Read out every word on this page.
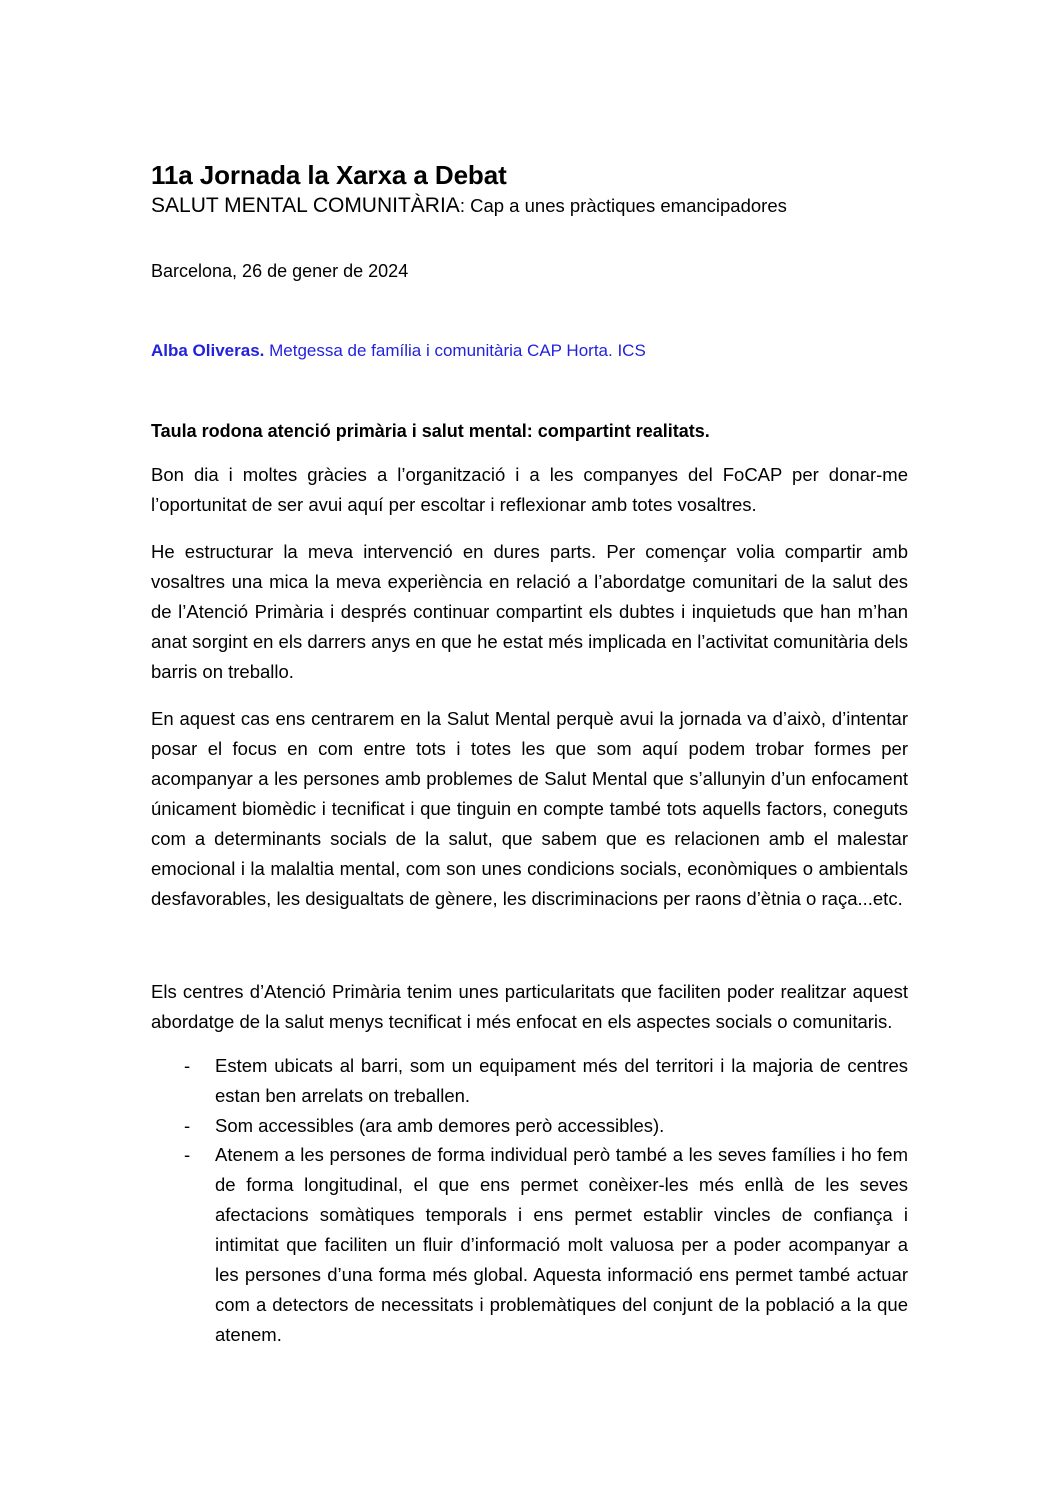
11a Jornada la Xarxa a Debat
SALUT MENTAL COMUNITÀRIA: Cap a unes pràctiques emancipadores
Barcelona, 26 de gener de 2024
Alba Oliveras. Metgessa de família i comunitària CAP Horta. ICS
Taula rodona atenció primària i salut mental: compartint realitats.

Bon dia i moltes gràcies a l’organització i a les companyes del FoCAP per donar-me l’oportunitat de ser avui aquí per escoltar i reflexionar amb totes vosaltres.

He estructurar la meva intervenció en dures parts. Per començar volia compartir amb vosaltres una mica la meva experiència en relació a l’abordatge comunitari de la salut des de l’Atenció Primària i després continuar compartint els dubtes i inquietuds que han m’han anat sorgint en els darrers anys en que he estat més implicada en l’activitat comunitària dels barris on treballo.

En aquest cas ens centrarem en la Salut Mental perquè avui la jornada va d’això, d’intentar posar el focus en com entre tots i totes les que som aquí podem trobar formes per acompanyar a les persones amb problemes de Salut Mental que s’allunyin d’un enfocament únicament biomèdic i tecnificat i que tinguin en compte també tots aquells factors, coneguts com a determinants socials de la salut, que sabem que es relacionen amb el malestar emocional i la malaltia mental, com son unes condicions socials, econòmiques o ambientals desfavorables, les desigualtats de gènere, les discriminacions per raons d’ètnia o raça...etc.

Els centres d’Atenció Primària tenim unes particularitats que faciliten poder realitzar aquest abordatge de la salut menys tecnificat i més enfocat en els aspectes socials o comunitaris.

- Estem ubicats al barri, som un equipament més del territori i la majoria de centres estan ben arrelats on treballen.
- Som accessibles (ara amb demores però accessibles).
- Atenem a les persones de forma individual però també a les seves famílies i ho fem de forma longitudinal, el que ens permet conèixer-les més enllà de les seves afectacions somàtiques temporals i ens permet establir vincles de confiança i intimitat que faciliten un fluir d’informació molt valuosa per a poder acompanyar a les persones d’una forma més global. Aquesta informació ens permet també actuar com a detectors de necessitats i problemàtiques del conjunt de la població a la que atenem.
